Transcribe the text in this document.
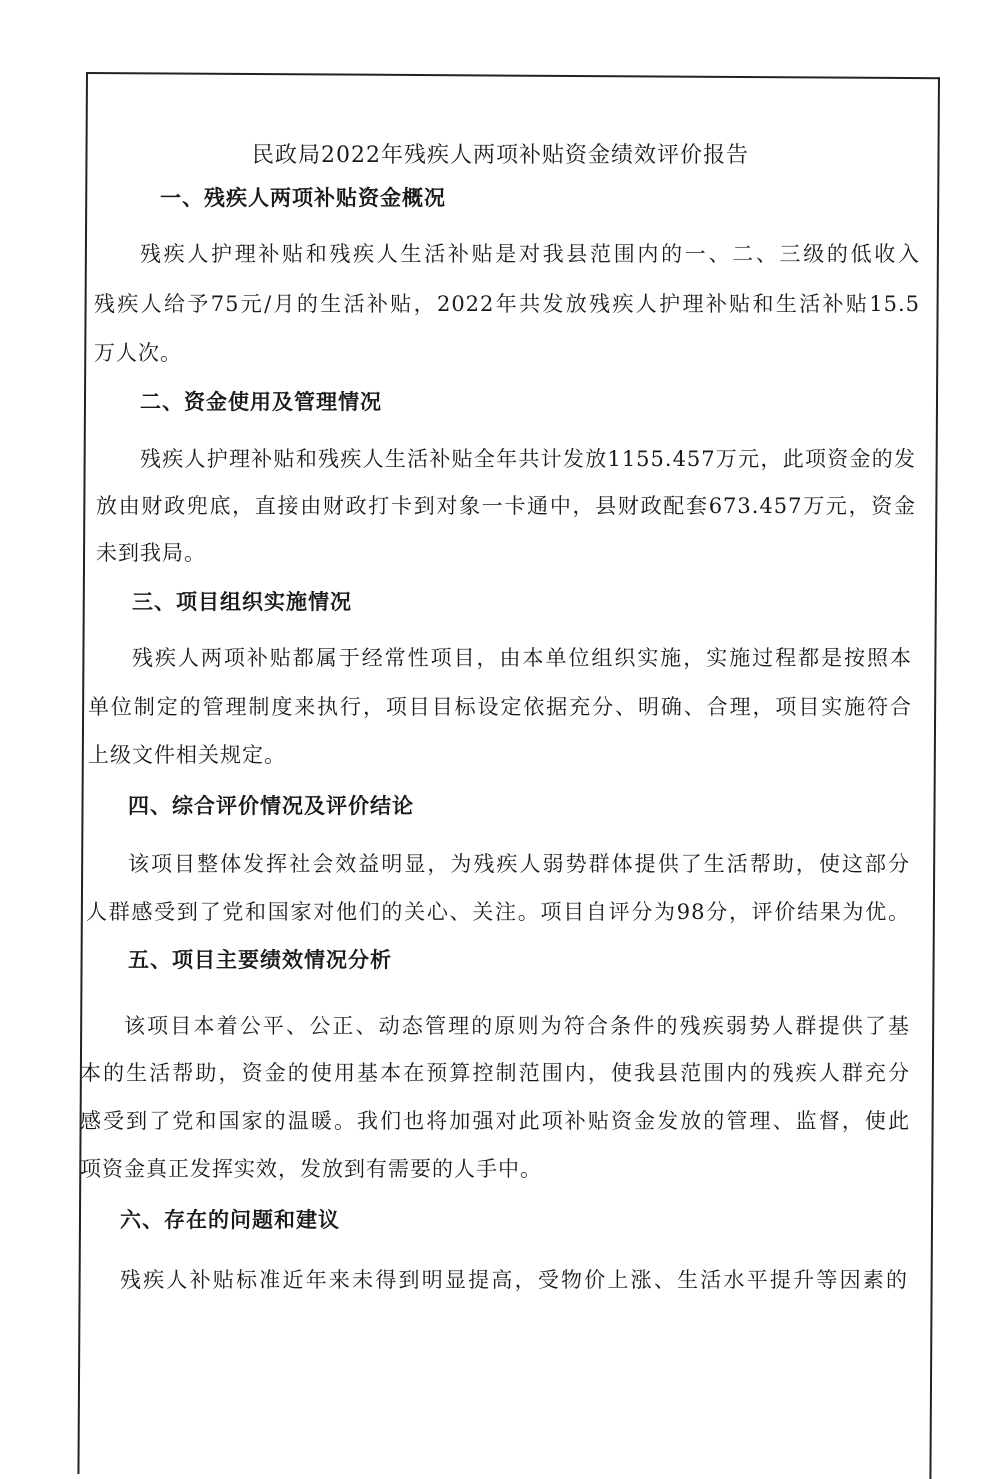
民政局2022年残疾人两项补贴资金绩效评价报告
一、残疾人两项补贴资金概况
残疾人护理补贴和残疾人生活补贴是对我县范围内的一、二、三级的低收入
残疾人给予75元/月的生活补贴，2022年共发放残疾人护理补贴和生活补贴15.5
万人次。
二、资金使用及管理情况
残疾人护理补贴和残疾人生活补贴全年共计发放1155.457万元，此项资金的发
放由财政兜底，直接由财政打卡到对象一卡通中，县财政配套673.457万元，资金
未到我局。
三、项目组织实施情况
残疾人两项补贴都属于经常性项目，由本单位组织实施，实施过程都是按照本
单位制定的管理制度来执行，项目目标设定依据充分、明确、合理，项目实施符合
上级文件相关规定。
四、综合评价情况及评价结论
该项目整体发挥社会效益明显，为残疾人弱势群体提供了生活帮助，使这部分
人群感受到了党和国家对他们的关心、关注。项目自评分为98分，评价结果为优。
五、项目主要绩效情况分析
该项目本着公平、公正、动态管理的原则为符合条件的残疾弱势人群提供了基
本的生活帮助，资金的使用基本在预算控制范围内，使我县范围内的残疾人群充分
感受到了党和国家的温暖。我们也将加强对此项补贴资金发放的管理、监督，使此
项资金真正发挥实效，发放到有需要的人手中。
六、存在的问题和建议
残疾人补贴标准近年来未得到明显提高，受物价上涨、生活水平提升等因素的
